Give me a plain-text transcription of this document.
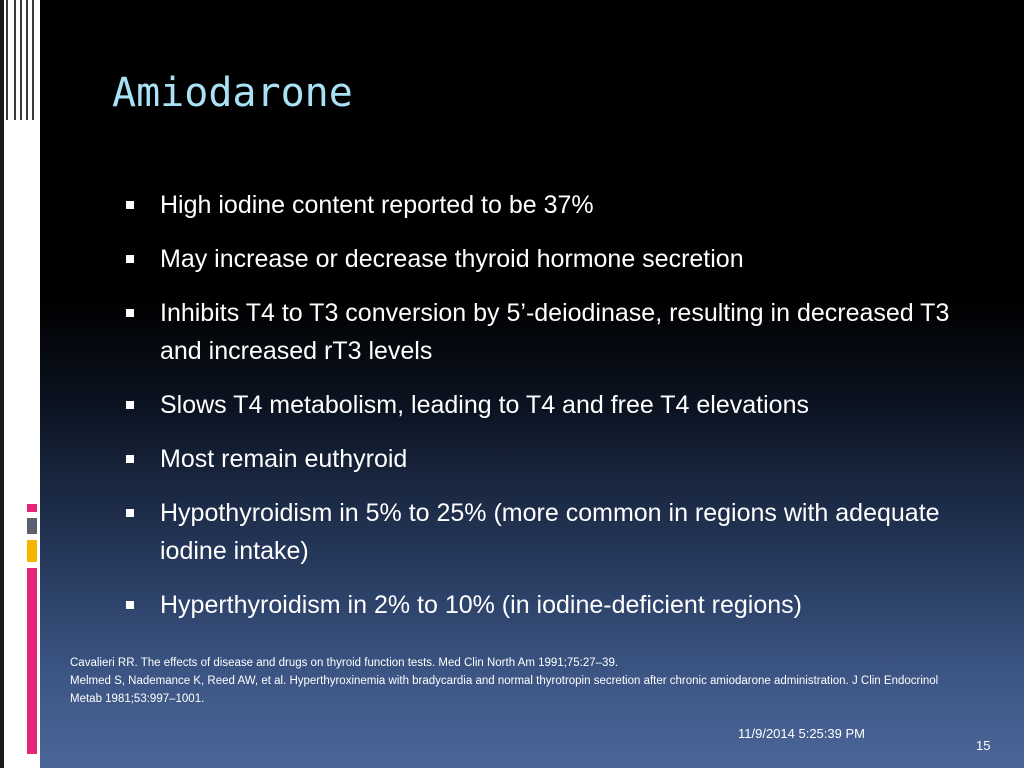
Amiodarone
High iodine content reported to be 37%
May increase or decrease thyroid hormone secretion
Inhibits T4 to T3 conversion by 5’-deiodinase, resulting in decreased T3 and increased rT3 levels
Slows T4 metabolism, leading to T4 and free T4 elevations
Most remain euthyroid
Hypothyroidism in 5% to 25% (more common in regions with adequate iodine intake)
Hyperthyroidism in 2% to 10% (in iodine-deficient regions)
Cavalieri RR. The effects of disease and drugs on thyroid function tests. Med Clin North Am 1991;75:27–39.
Melmed S, Nademance K, Reed AW, et al. Hyperthyroxinemia with bradycardia and normal thyrotropin secretion after chronic amiodarone administration. J Clin Endocrinol Metab 1981;53:997–1001.
11/9/2014 5:25:39 PM
15
